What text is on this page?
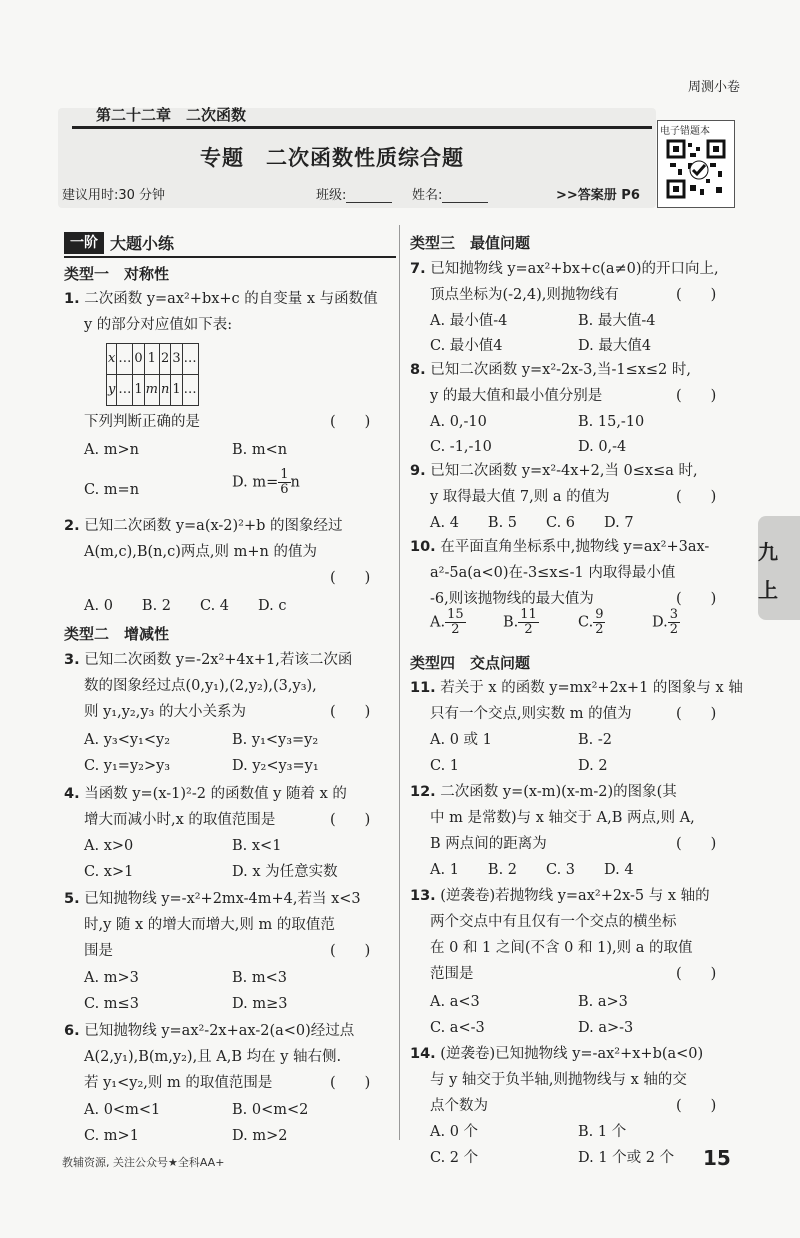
周测小卷
第二十二章　二次函数
专题　二次函数性质综合题
建议用时:30 分钟	班级:	姓名:	>>答案册 P6
电子错题本
一阶 大题小练
类型一　对称性
1. 二次函数 y=ax²+bx+c 的自变量 x 与函数值
y 的部分对应值如下表:
x	…	0	1	2	3	…
y	…	1	m	n	1	…
下列判断正确的是	(　　)
A. m>n	B. m<n
C. m=n	D. $m= \frac{1}{6}$ n
2. 已知二次函数 y=a(x-2)²+b 的图象经过
A(m,c),B(n,c)两点,则 m+n 的值为
(　　)
A. 0　　B. 2　　C. 4　　D. c
类型二　增减性
3. 已知二次函数 y=-2x²+4x+1,若该二次函
数的图象经过点(0,y₁),(2,y₂),(3,y₃),
则 y₁,y₂,y₃ 的大小关系为	(　　)
A. y₃<y₁<y₂	B. y₁<y₃=y₂
C. y₁=y₂>y₃	D. y₂<y₃=y₁
4. 当函数 y=(x-1)²-2 的函数值 y 随着 x 的
增大而减小时,x 的取值范围是	(　　)
A. x>0	B. x<1
C. x>1	D. x 为任意实数
5. 已知抛物线 y=-x²+2mx-4m+4,若当 x<3
时,y 随 x 的增大而增大,则 m 的取值范
围是	(　　)
A. m>3	B. m<3
C. m≤3	D. m≥3
6. 已知抛物线 y=ax²-2x+ax-2(a<0)经过点
A(2,y₁),B(m,y₂),且 A,B 均在 y 轴右侧.
若 y₁<y₂,则 m 的取值范围是	(　　)
A. 0<m<1	B. 0<m<2
C. m>1	D. m>2
类型三　最值问题
7. 已知抛物线 y=ax²+bx+c(a≠0)的开口向上,
顶点坐标为(-2,4),则抛物线有	(　　)
A. 最小值-4	B. 最大值-4
C. 最小值4	D. 最大值4
8. 已知二次函数 y=x²-2x-3,当-1≤x≤2 时,
y 的最大值和最小值分别是	(　　)
A. 0,-10	B. 15,-10
C. -1,-10	D. 0,-4
9. 已知二次函数 y=x²-4x+2,当 0≤x≤a 时,
y 取得最大值 7,则 a 的值为	(　　)
A. 4　　B. 5　　C. 6　　D. 7
10. 在平面直角坐标系中,抛物线 y=ax²+3ax-
a²-5a(a<0)在-3≤x≤-1 内取得最小值
-6,则该抛物线的最大值为	(　　)
A. $\frac{15}{2}$	B. $\frac{11}{2}$	C. $\frac{9}{2}$	D. $\frac{3}{2}$
类型四　交点问题
11. 若关于 x 的函数 y=mx²+2x+1 的图象与 x 轴
只有一个交点,则实数 m 的值为	(　　)
A. 0 或 1	B. -2
C. 1	D. 2
12. 二次函数 y=(x-m)(x-m-2)的图象(其
中 m 是常数)与 x 轴交于 A,B 两点,则 A,
B 两点间的距离为	(　　)
A. 1　　B. 2　　C. 3　　D. 4
13. (逆袭卷)若抛物线 y=ax²+2x-5 与 x 轴的
两个交点中有且仅有一个交点的横坐标
在 0 和 1 之间(不含 0 和 1),则 a 的取值
范围是	(　　)
A. a<3	B. a>3
C. a<-3	D. a>-3
14. (逆袭卷)已知抛物线 y=-ax²+x+b(a<0)
与 y 轴交于负半轴,则抛物线与 x 轴的交
点个数为	(　　)
A. 0 个	B. 1 个
C. 2 个	D. 1 个或 2 个
九
上
教辅资源, 关注公众号★全科AA+	15
